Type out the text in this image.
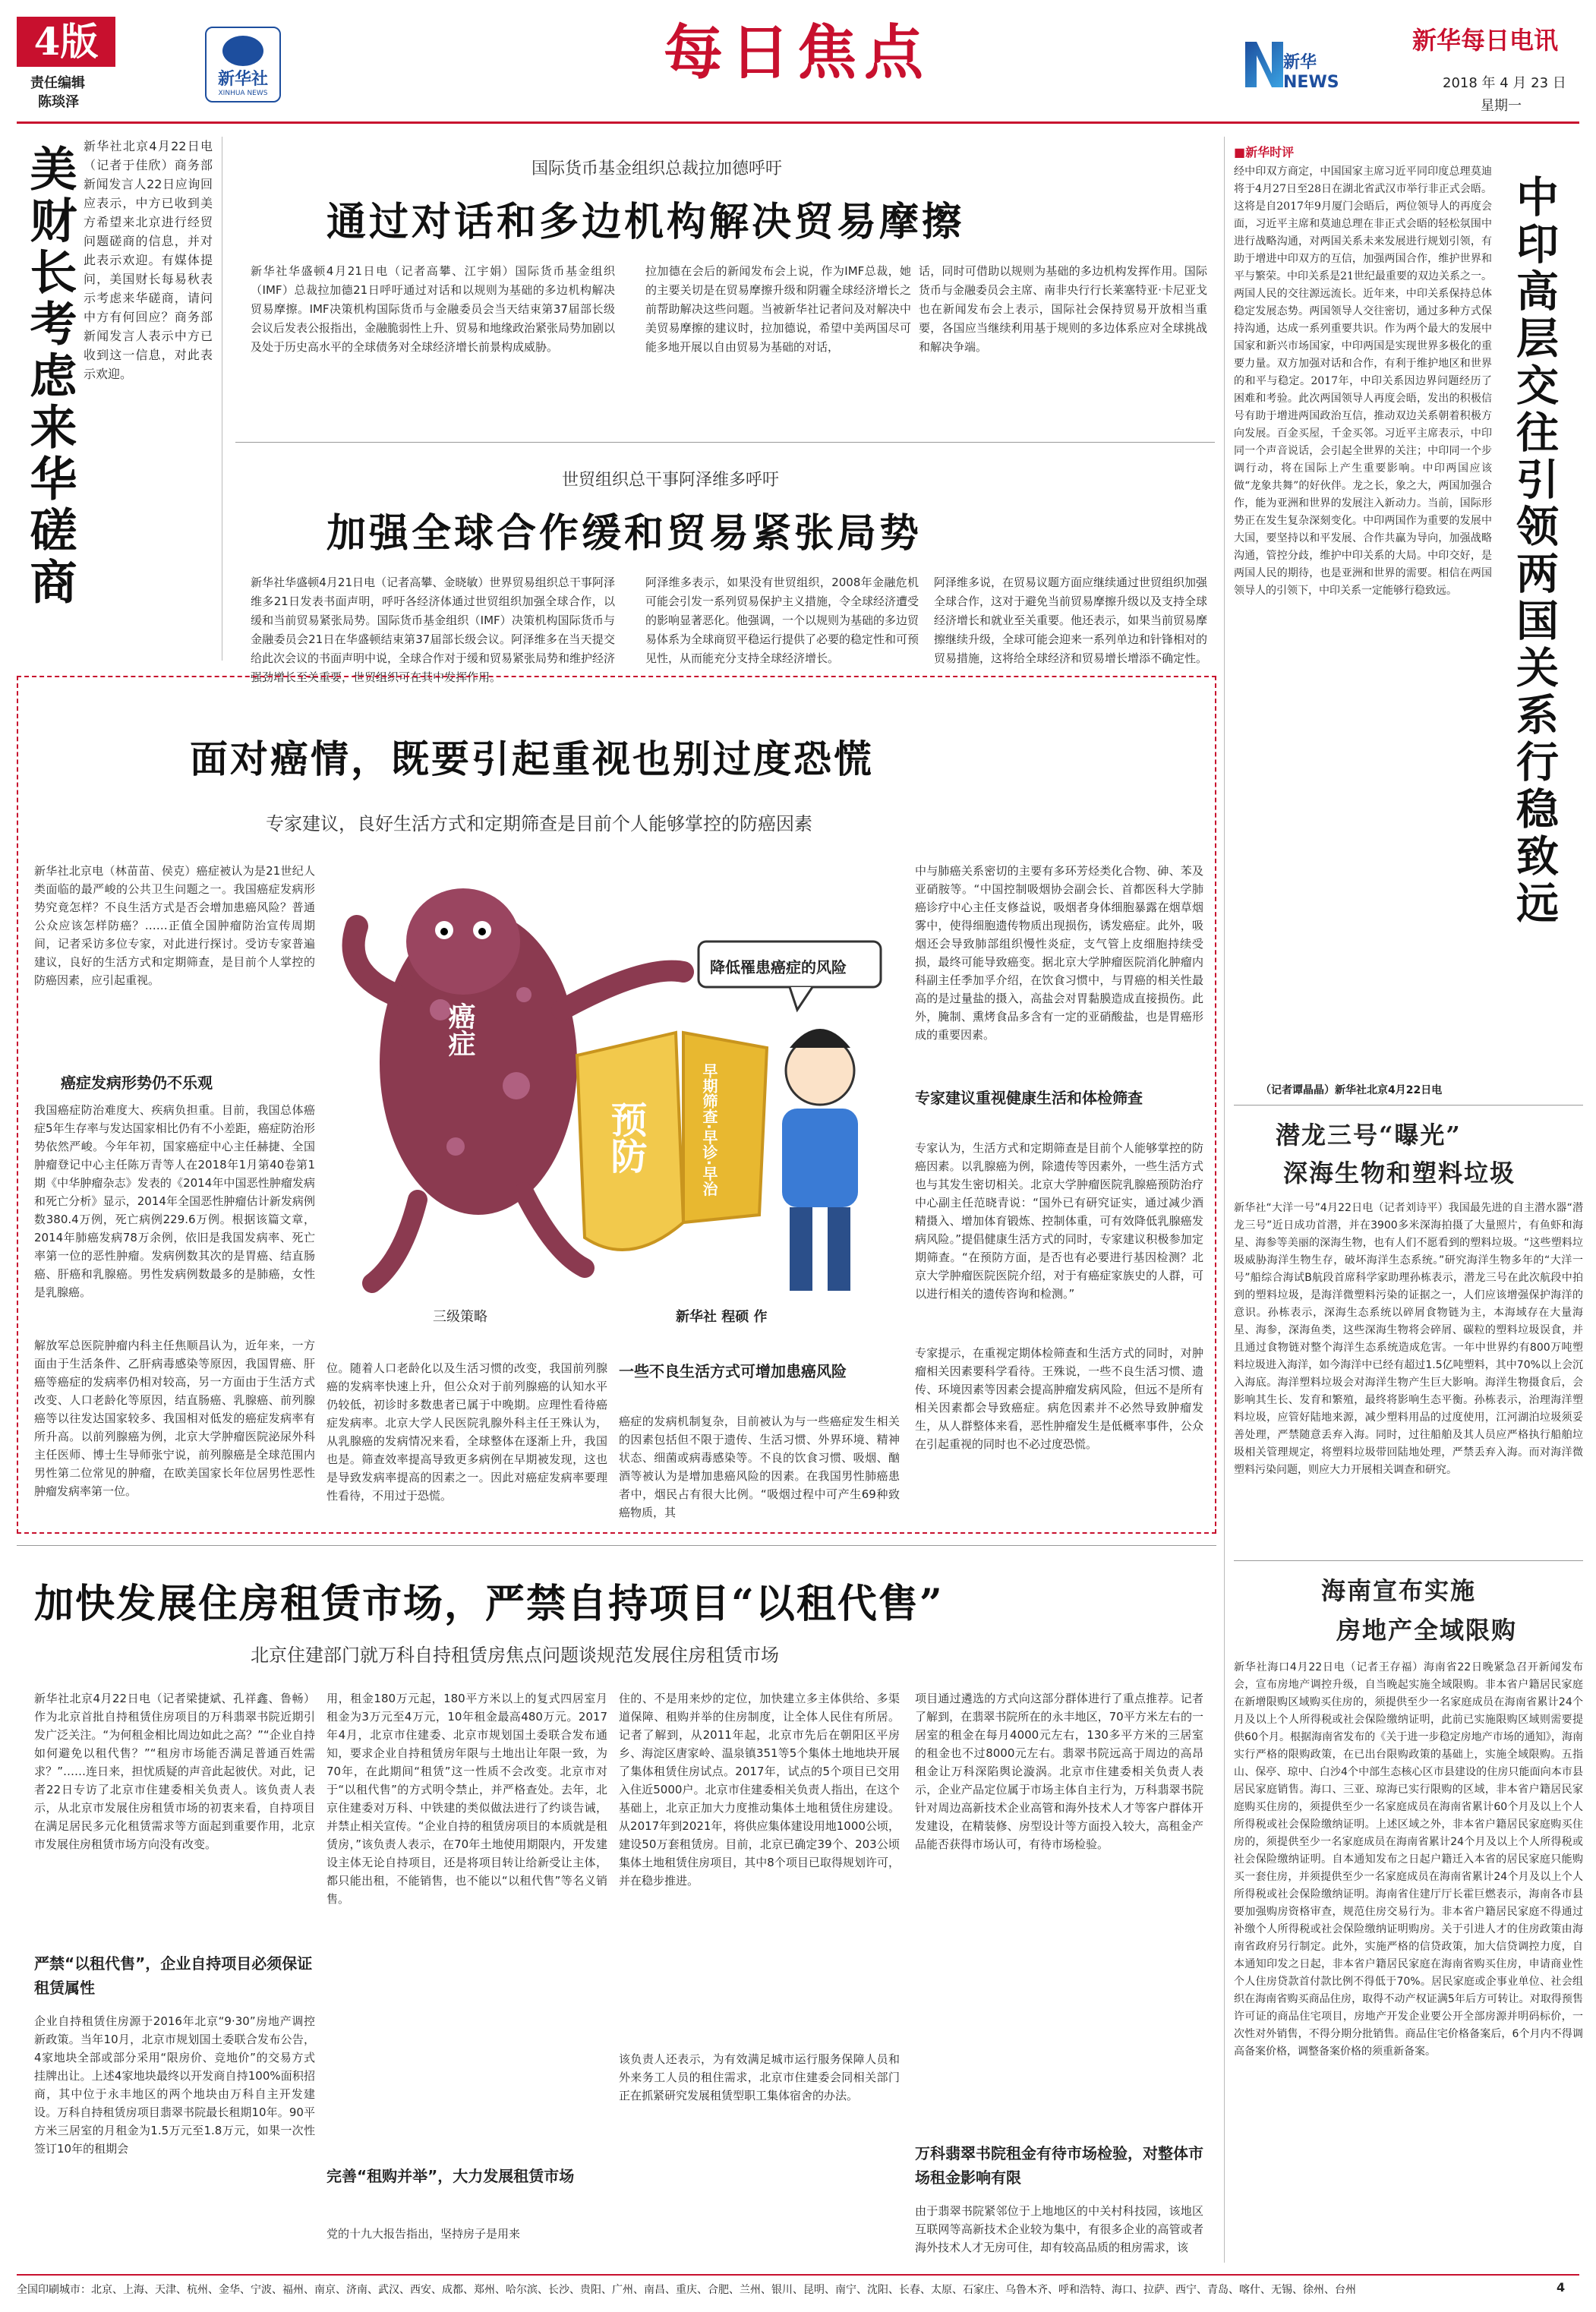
4版
责任编辑
陈琰泽
新华社
XINHUA NEWS
每日焦点	新华NEWS
新华每日电讯
2018 年 4 月 23 日
星期一
美财长考虑来华磋商 新华社北京4月22日电（记者于佳欣）商务部新闻发言人22日应询回应表示，中方已收到美方希望来北京进行经贸问题磋商的信息，并对此表示欢迎。有媒体提问，美国财长每易秋表示考虑来华磋商，请问中方有何回应？商务部新闻发言人表示中方已收到这一信息，对此表示欢迎。
国际货币基金组织总裁拉加德呼吁
通过对话和多边机构解决贸易摩擦
新华社华盛顿4月21日电（记者高攀、江宇娟）国际货币基金组织（IMF）总裁拉加德21日呼吁通过对话和以规则为基础的多边机构解决贸易摩擦。IMF决策机构国际货币与金融委员会当天结束第37届部长级会议后发表公报指出，金融脆弱性上升、贸易和地缘政治紧张局势加剧以及处于历史高水平的全球债务对全球经济增长前景构成威胁。
拉加德在会后的新闻发布会上说，作为IMF总裁，她的主要关切是在贸易摩擦升级和阴霾全球经济增长之前帮助解决这些问题。当被新华社记者问及对解决中美贸易摩擦的建议时，拉加德说，希望中美两国尽可能多地开展以自由贸易为基础的对话，
话，同时可借助以规则为基础的多边机构发挥作用。国际货币与金融委员会主席、南非央行行长莱塞特亚·卡尼亚戈也在新闻发布会上表示，国际社会保持贸易开放相当重要，各国应当继续利用基于规则的多边体系应对全球挑战和解决争端。
世贸组织总干事阿泽维多呼吁
加强全球合作缓和贸易紧张局势
新华社华盛顿4月21日电（记者高攀、金晓敏）世界贸易组织总干事阿泽维多21日发表书面声明，呼吁各经济体通过世贸组织加强全球合作，以缓和当前贸易紧张局势。国际货币基金组织（IMF）决策机构国际货币与金融委员会21日在华盛顿结束第37届部长级会议。阿泽维多在当天提交给此次会议的书面声明中说，全球合作对于缓和贸易紧张局势和维护经济强劲增长至关重要，世贸组织可在其中发挥作用。
阿泽维多表示，如果没有世贸组织，2008年金融危机可能会引发一系列贸易保护主义措施，令全球经济遭受的影响显著恶化。他强调，一个以规则为基础的多边贸易体系为全球商贸平稳运行提供了必要的稳定性和可预见性，从而能充分支持全球经济增长。
阿泽维多说，在贸易议题方面应继续通过世贸组织加强全球合作，这对于避免当前贸易摩擦升级以及支持全球经济增长和就业至关重要。他还表示，如果当前贸易摩擦继续升级，全球可能会迎来一系列单边和针锋相对的贸易措施，这将给全球经济和贸易增长增添不确定性。
面对癌情，既要引起重视也别过度恐慌
专家建议，良好生活方式和定期筛查是目前个人能够掌控的防癌因素
新华社北京电（林苗苗、侯克）癌症被认为是21世纪人类面临的最严峻的公共卫生问题之一。我国癌症发病形势究竟怎样？不良生活方式是否会增加患癌风险？普通公众应该怎样防癌？……正值全国肿瘤防治宣传周期间，记者采访多位专家，对此进行探讨。受访专家普遍建议，良好的生活方式和定期筛查，是目前个人掌控的防癌因素，应引起重视。
癌症发病形势仍不乐观
我国癌症防治难度大、疾病负担重。目前，我国总体癌症5年生存率与发达国家相比仍有不小差距，癌症防治形势依然严峻。今年年初，国家癌症中心主任赫捷、全国肿瘤登记中心主任陈万青等人在2018年1月第40卷第1期《中华肿瘤杂志》发表的《2014年中国恶性肿瘤发病和死亡分析》显示，2014年全国恶性肿瘤估计新发病例数380.4万例，死亡病例229.6万例。根据该篇文章，2014年肺癌发病78万余例，依旧是我国发病率、死亡率第一位的恶性肿瘤。发病例数其次的是胃癌、结直肠癌、肝癌和乳腺癌。男性发病例数最多的是肺癌，女性是乳腺癌。
解放军总医院肿瘤内科主任焦顺昌认为，近年来，一方面由于生活条件、乙肝病毒感染等原因，我国胃癌、肝癌等癌症的发病率仍相对较高，另一方面由于生活方式改变、人口老龄化等原因，结直肠癌、乳腺癌、前列腺癌等以往发达国家较多、我国相对低发的癌症发病率有所升高。以前列腺癌为例，北京大学肿瘤医院泌尿外科主任医师、博士生导师张宁说，前列腺癌是全球范围内男性第二位常见的肿瘤，在欧美国家长年位居男性恶性肿瘤发病率第一位。
降低罹患癌症的风险
癌症
预防	早期筛查·早诊·早治
三级策略	新华社 程硕 作
位。随着人口老龄化以及生活习惯的改变，我国前列腺癌的发病率快速上升，但公众对于前列腺癌的认知水平仍较低，初诊时多数患者已属于中晚期。应理性看待癌症发病率。北京大学人民医院乳腺外科主任王殊认为，从乳腺癌的发病情况来看，全球整体在逐渐上升，我国也是。筛查效率提高导致更多病例在早期被发现，这也是导致发病率提高的因素之一。因此对癌症发病率要理性看待，不用过于恐慌。
一些不良生活方式可增加患癌风险
癌症的发病机制复杂，目前被认为与一些癌症发生相关的因素包括但不限于遗传、生活习惯、外界环境、精神状态、细菌或病毒感染等。不良的饮食习惯、吸烟、酗酒等被认为是增加患癌风险的因素。在我国男性肺癌患者中，烟民占有很大比例。“吸烟过程中可产生69种致癌物质，其
中与肺癌关系密切的主要有多环芳烃类化合物、砷、苯及亚硝胺等。“中国控制吸烟协会副会长、首都医科大学肺癌诊疗中心主任支修益说，吸烟者身体细胞暴露在烟草烟雾中，使得细胞遗传物质出现损伤，诱发癌症。此外，吸烟还会导致肺部组织慢性炎症，支气管上皮细胞持续受损，最终可能导致癌变。据北京大学肿瘤医院消化肿瘤内科副主任季加孚介绍，在饮食习惯中，与胃癌的相关性最高的是过量盐的摄入，高盐会对胃黏膜造成直接损伤。此外，腌制、熏烤食品多含有一定的亚硝酸盐，也是胃癌形成的重要因素。
专家建议重视健康生活和体检筛查
专家认为，生活方式和定期筛查是目前个人能够掌控的防癌因素。以乳腺癌为例，除遗传等因素外，一些生活方式也与其发生密切相关。北京大学肿瘤医院乳腺癌预防治疗中心副主任范晓青说：“国外已有研究证实，通过减少酒精摄入、增加体育锻炼、控制体重，可有效降低乳腺癌发病风险。”提倡健康生活方式的同时，专家建议积极参加定期筛查。“在预防方面，是否也有必要进行基因检测？北京大学肿瘤医院医院介绍，对于有癌症家族史的人群，可以进行相关的遗传咨询和检测。”
专家提示，在重视定期体检筛查和生活方式的同时，对肿瘤相关因素要科学看待。王殊说，一些不良生活习惯、遗传、环境因素等因素会提高肿瘤发病风险，但远不是所有相关因素都会导致癌症。病危因素并不必然导致肿瘤发生，从人群整体来看，恶性肿瘤发生是低概率事件，公众在引起重视的同时也不必过度恐慌。
■新华时评
经中印双方商定，中国国家主席习近平同印度总理莫迪将于4月27日至28日在湖北省武汉市举行非正式会晤。这将是自2017年9月厦门会晤后，两位领导人的再度会面，习近平主席和莫迪总理在非正式会晤的轻松氛围中进行战略沟通，对两国关系未来发展进行规划引领，有助于增进中印双方的互信，加强两国合作，维护世界和平与繁荣。中印关系是21世纪最重要的双边关系之一。两国人民的交往源远流长。近年来，中印关系保持总体稳定发展态势。两国领导人交往密切，通过多种方式保持沟通，达成一系列重要共识。作为两个最大的发展中国家和新兴市场国家，中印两国是实现世界多极化的重要力量。双方加强对话和合作，有利于维护地区和世界的和平与稳定。2017年，中印关系因边界问题经历了困难和考验。此次两国领导人再度会晤，发出的积极信号有助于增进两国政治互信，推动双边关系朝着积极方向发展。百金买屋，千金买邻。习近平主席表示，中印同一个声音说话，会引起全世界的关注；中印同一个步调行动，将在国际上产生重要影响。中印两国应该做“龙象共舞”的好伙伴。龙之长，象之大，两国加强合作，能为亚洲和世界的发展注入新动力。当前，国际形势正在发生复杂深刻变化。中印两国作为重要的发展中大国，要坚持以和平发展、合作共赢为导向，加强战略沟通，管控分歧，维护中印关系的大局。中印交好，是两国人民的期待，也是亚洲和世界的需要。相信在两国领导人的引领下，中印关系一定能够行稳致远。
（记者谭晶晶）新华社北京4月22日电
中印高层交往引领两国关系行稳致远
潜龙三号“曝光”
深海生物和塑料垃圾
新华社“大洋一号”4月22日电（记者刘诗平）我国最先进的自主潜水器“潜龙三号”近日成功首潜，并在3900多米深海拍摄了大量照片，有鱼虾和海星、海参等美丽的深海生物，也有人们不愿看到的塑料垃圾。“这些塑料垃圾威胁海洋生物生存，破坏海洋生态系统。”研究海洋生物多年的“大洋一号”船综合海试B航段首席科学家助理孙栋表示，潜龙三号在此次航段中拍到的塑料垃圾，是海洋微塑料污染的证据之一，人们应该增强保护海洋的意识。孙栋表示，深海生态系统以碎屑食物链为主，本海域存在大量海星、海参，深海鱼类，这些深海生物将会碎屑、碳粒的塑料垃圾误食，并且通过食物链对整个海洋生态系统造成危害。一年中世界约有800万吨塑料垃圾进入海洋，如今海洋中已经有超过1.5亿吨塑料，其中70%以上会沉入海底。海洋塑料垃圾会对海洋生物产生巨大影响。海洋生物摄食后，会影响其生长、发育和繁殖，最终将影响生态平衡。孙栋表示，治理海洋塑料垃圾，应管好陆地来源，减少塑料用品的过度使用，江河湖泊垃圾须妥善处理，严禁随意丢弃入海。同时，过往船舶及其人员应严格执行船舶垃圾相关管理规定，将塑料垃圾带回陆地处理，严禁丢弃入海。而对海洋微塑料污染问题，则应大力开展相关调查和研究。
海南宣布实施
房地产全域限购
新华社海口4月22日电（记者王存福）海南省22日晚紧急召开新闻发布会，宣布房地产调控升级，自当晚起实施全域限购。非本省户籍居民家庭在新增限购区域购买住房的，须提供至少一名家庭成员在海南省累计24个月及以上个人所得税或社会保险缴纳证明，此前已实施限购区域则需要提供60个月。根据海南省发布的《关于进一步稳定房地产市场的通知》，海南实行严格的限购政策，在已出台限购政策的基础上，实施全域限购。五指山、保亭、琼中、白沙4个中部生态核心区市县建设的住房只能面向本市县居民家庭销售。海口、三亚、琼海已实行限购的区域，非本省户籍居民家庭购买住房的，须提供至少一名家庭成员在海南省累计60个月及以上个人所得税或社会保险缴纳证明。上述区域之外，非本省户籍居民家庭购买住房的，须提供至少一名家庭成员在海南省累计24个月及以上个人所得税或社会保险缴纳证明。自本通知发布之日起户籍迁入本省的居民家庭只能购买一套住房，并须提供至少一名家庭成员在海南省累计24个月及以上个人所得税或社会保险缴纳证明。海南省住建厅厅长霍巨燃表示，海南各市县要加强购房资格审查，规范住房交易行为。非本省户籍居民家庭不得通过补缴个人所得税或社会保险缴纳证明购房。关于引进人才的住房政策由海南省政府另行制定。此外，实施严格的信贷政策，加大信贷调控力度，自本通知印发之日起，非本省户籍居民家庭在海南省购买住房，申请商业性个人住房贷款首付款比例不得低于70%。居民家庭或企事业单位、社会组织在海南省购买商品住房，取得不动产权证满5年后方可转让。对取得预售许可证的商品住宅项目，房地产开发企业要公开全部房源并明码标价，一次性对外销售，不得分期分批销售。商品住宅价格备案后，6个月内不得调高备案价格，调整备案价格的须重新备案。
加快发展住房租赁市场，严禁自持项目“以租代售”
北京住建部门就万科自持租赁房焦点问题谈规范发展住房租赁市场
新华社北京4月22日电（记者梁捷斌、孔祥鑫、鲁畅）作为北京首批自持租赁住房项目的万科翡翠书院近期引发广泛关注。“为何租金相比周边如此之高？”“企业自持如何避免以租代售？”“租房市场能否满足普通百姓需求？”……连日来，担忧质疑的声音此起彼伏。对此，记者22日专访了北京市住建委相关负责人。该负责人表示，从北京市发展住房租赁市场的初衷来看，自持项目在满足居民多元化租赁需求等方面起到重要作用，北京市发展住房租赁市场方向没有改变。
严禁“以租代售”，企业自持项目必须保证租赁属性
企业自持租赁住房源于2016年北京“9·30”房地产调控新政策。当年10月，北京市规划国土委联合发布公告，4家地块全部或部分采用“限房价、竞地价”的交易方式挂牌出让。上述4家地块最终以开发商自持100%面积招商，其中位于永丰地区的两个地块由万科自主开发建设。万科自持租赁房项目翡翠书院最长租期10年。90平方米三居室的月租金为1.5万元至1.8万元，如果一次性签订10年的租期会
用，租金180万元起，180平方米以上的复式四居室月租金为3万元至4万元，10年租金最高480万元。2017年4月，北京市住建委、北京市规划国土委联合发布通知，要求企业自持租赁房年限与土地出让年限一致，为70年，在此期间“租赁”这一性质不会改变。北京市对于“以租代售”的方式明令禁止，并严格查处。去年，北京住建委对万科、中铁建的类似做法进行了约谈告诫，并禁止相关宣传。“企业自持的租赁房项目的本质就是租赁房，”该负责人表示，在70年土地使用期限内，开发建设主体无论自持项目，还是将项目转让给新受让主体，都只能出租，不能销售，也不能以“以租代售”等名义销售。
完善“租购并举”，大力发展租赁市场
党的十九大报告指出，坚持房子是用来
住的、不是用来炒的定位，加快建立多主体供给、多渠道保障、租购并举的住房制度，让全体人民住有所居。记者了解到，从2011年起，北京市先后在朝阳区平房乡、海淀区唐家岭、温泉镇351等5个集体土地地块开展了集体租赁住房试点。2017年，试点的5个项目已交用入住近5000户。北京市住建委相关负责人指出，在这个基础上，北京正加大力度推动集体土地租赁住房建设。从2017年到2021年，将供应集体建设用地1000公顷，建设50万套租赁房。目前，北京已确定39个、203公顷集体土地租赁住房项目，其中8个项目已取得规划许可，并在稳步推进。
该负责人还表示，为有效满足城市运行服务保障人员和外来务工人员的租住需求，北京市住建委会同相关部门正在抓紧研究发展租赁型职工集体宿舍的办法。
项目通过遴选的方式向这部分群体进行了重点推荐。记者了解到，在翡翠书院所在的永丰地区，70平方米左右的一居室的租金在每月4000元左右，130多平方米的三居室的租金也不过8000元左右。翡翠书院远高于周边的高昂租金让万科深陷舆论漩涡。北京市住建委相关负责人表示，企业产品定位属于市场主体自主行为，万科翡翠书院针对周边高新技术企业高管和海外技术人才等客户群体开发建设，在精装修、房型设计等方面投入较大，高租金产品能否获得市场认可，有待市场检验。
万科翡翠书院租金有待市场检验，对整体市场租金影响有限
由于翡翠书院紧邻位于上地地区的中关村科技园，该地区互联网等高新技术企业较为集中，有很多企业的高管或者海外技术人才无房可住，却有较高品质的租房需求，该
全国印刷城市：北京、上海、天津、杭州、金华、宁波、福州、南京、济南、武汉、西安、成都、郑州、哈尔滨、长沙、贵阳、广州、南昌、重庆、合肥、兰州、银川、昆明、南宁、沈阳、长春、太原、石家庄、乌鲁木齐、呼和浩特、海口、拉萨、西宁、青岛、喀什、无锡、徐州、台州	4
